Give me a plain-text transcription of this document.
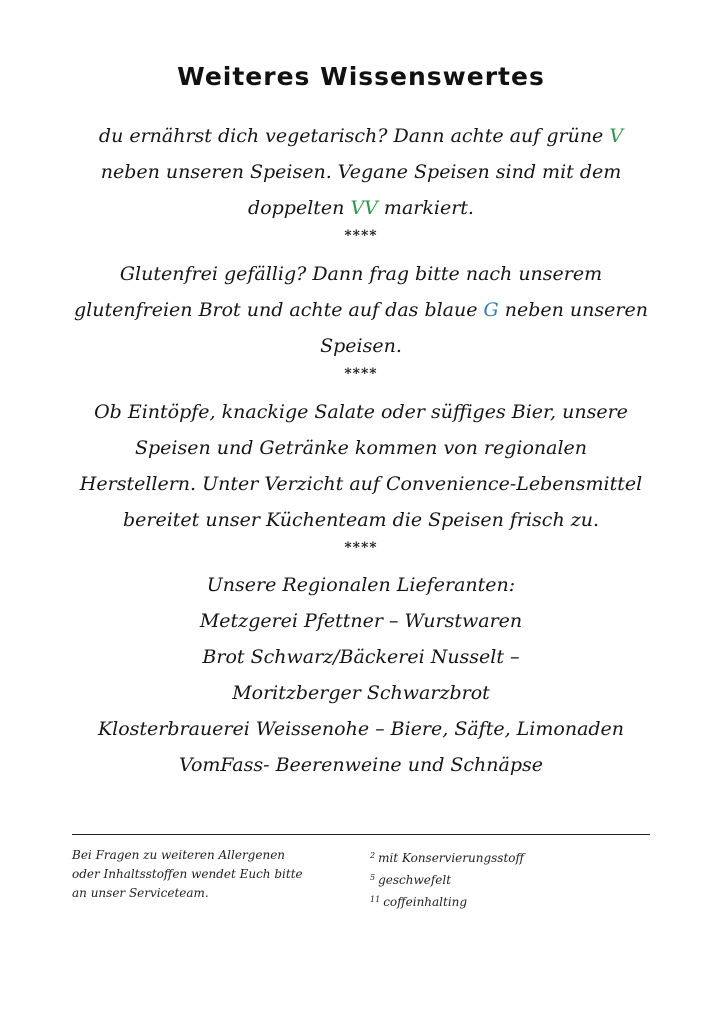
Weiteres Wissenswertes
du ernährst dich vegetarisch? Dann achte auf grüne V
neben unseren Speisen. Vegane Speisen sind mit dem
doppelten VV markiert.
****
Glutenfrei gefällig? Dann frag bitte nach unserem
glutenfreien Brot und achte auf das blaue G neben unseren
Speisen.
****
Ob Eintöpfe, knackige Salate oder süffiges Bier, unsere
Speisen und Getränke kommen von regionalen
Herstellern. Unter Verzicht auf Convenience-Lebensmittel
bereitet unser Küchenteam die Speisen frisch zu.
****
Unsere Regionalen Lieferanten:
Metzgerei Pfettner – Wurstwaren
Brot Schwarz/Bäckerei Nusselt –
Moritzberger Schwarzbrot
Klosterbrauerei Weissenohe – Biere, Säfte, Limonaden
VomFass- Beerenweine und Schnäpse
Bei Fragen zu weiteren Allergenen
oder Inhaltsstoffen wendet Euch bitte
an unser Serviceteam.
$^2$ mit Konservierungsstoff
$^5$ geschwefelt
$^{11}$ coffeinhalting
